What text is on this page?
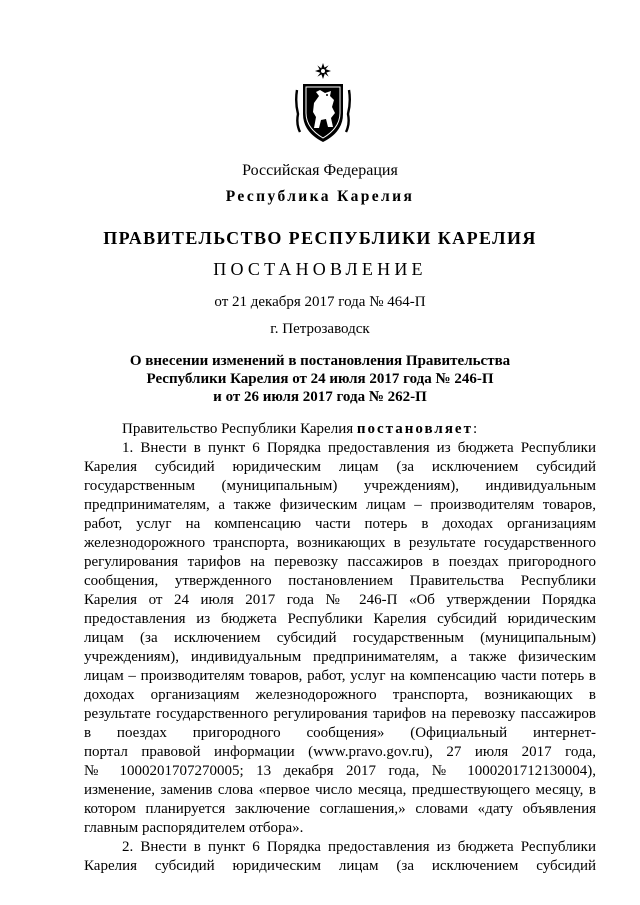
Российская Федерация
Республика Карелия
ПРАВИТЕЛЬСТВО РЕСПУБЛИКИ КАРЕЛИЯ
ПОСТАНОВЛЕНИЕ
от 21 декабря 2017 года № 464-П
г. Петрозаводск
О внесении изменений в постановления Правительства
Республики Карелия от 24 июля 2017 года № 246-П
и от 26 июля 2017 года № 262-П
Правительство Республики Карелия постановляет:
1. Внести в пункт 6 Порядка предоставления из бюджета Республики
Карелия субсидий юридическим лицам (за исключением субсидий
государственным (муниципальным) учреждениям), индивидуальным
предпринимателям, а также физическим лицам – производителям товаров,
работ, услуг на компенсацию части потерь в доходах организациям
железнодорожного транспорта, возникающих в результате государственного
регулирования тарифов на перевозку пассажиров в поездах пригородного
сообщения, утвержденного постановлением Правительства Республики
Карелия от 24 июля 2017 года № 246-П «Об утверждении Порядка
предоставления из бюджета Республики Карелия субсидий юридическим
лицам (за исключением субсидий государственным (муниципальным)
учреждениям), индивидуальным предпринимателям, а также физическим
лицам – производителям товаров, работ, услуг на компенсацию части потерь в
доходах организациям железнодорожного транспорта, возникающих в
результате государственного регулирования тарифов на перевозку пассажиров
в поездах пригородного сообщения» (Официальный интернет-
портал правовой информации (www.pravo.gov.ru), 27 июля 2017 года,
№ 1000201707270005; 13 декабря 2017 года, № 1000201712130004),
изменение, заменив слова «первое число месяца, предшествующего месяцу, в
котором планируется заключение соглашения,» словами «дату объявления
главным распорядителем отбора».
2. Внести в пункт 6 Порядка предоставления из бюджета Республики
Карелия субсидий юридическим лицам (за исключением субсидий
